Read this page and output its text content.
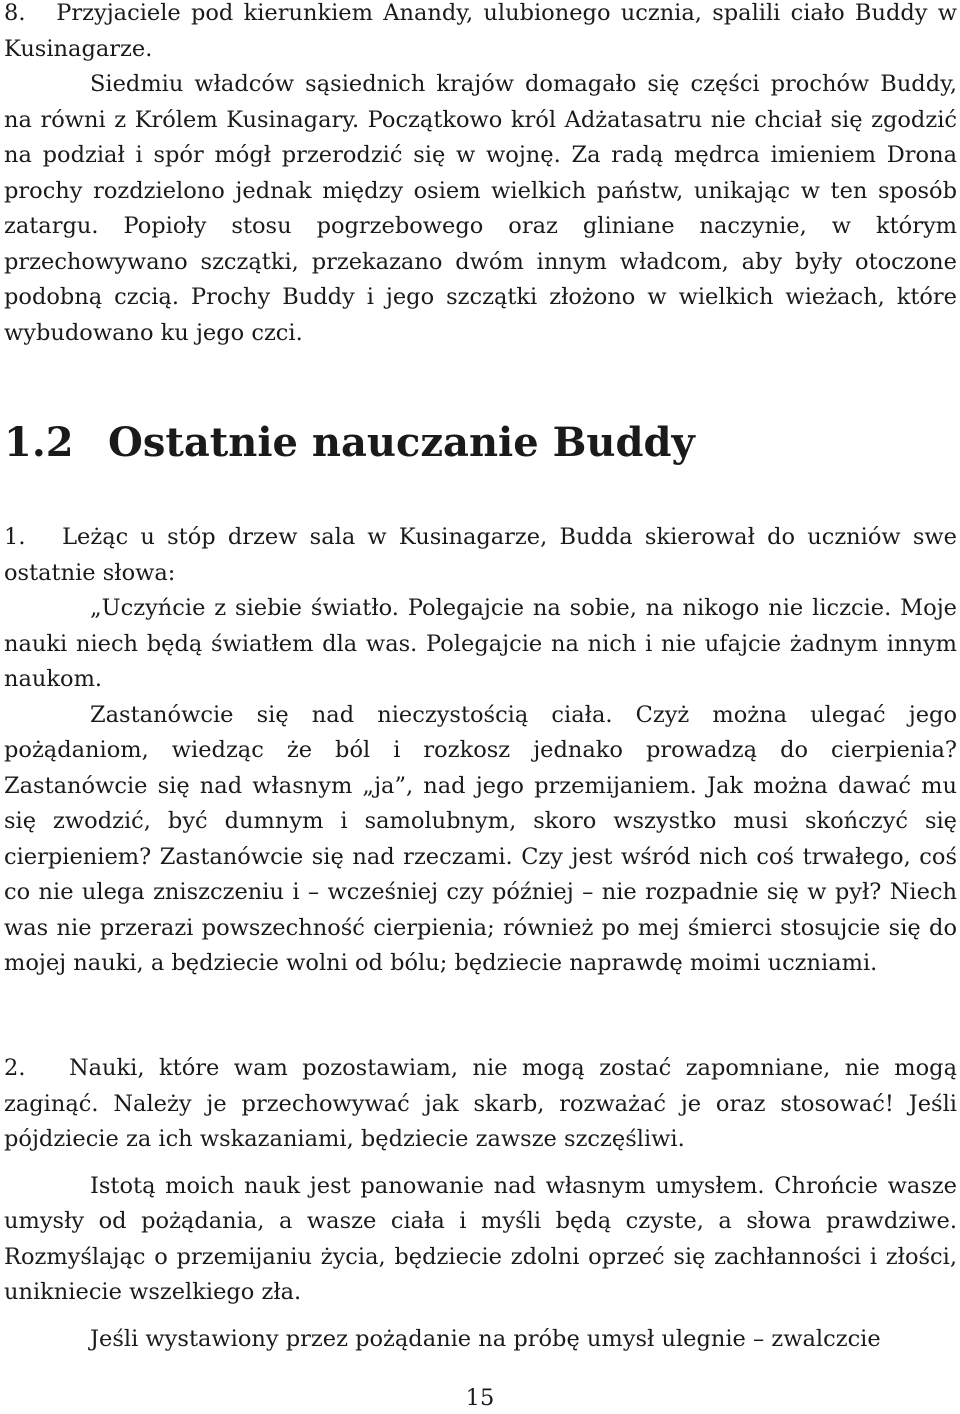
8. Przyjaciele pod kierunkiem Anandy, ulubionego ucznia, spalili ciało Buddy w Kusinagarze.

Siedmiu władców sąsiednich krajów domagało się części prochów Buddy, na równi z Królem Kusinagary. Początkowo król Adżatasatru nie chciał się zgodzić na podział i spór mógł przerodzić się w wojnę. Za radą mędrca imieniem Drona prochy rozdzielono jednak między osiem wielkich państw, unikając w ten sposób zatargu. Popioły stosu pogrzebowego oraz gliniane naczynie, w którym przechowywano szczątki, przekazano dwóm innym władcom, aby były otoczone podobną czcią. Prochy Buddy i jego szczątki złożono w wielkich wieżach, które wybudowano ku jego czci.

1.2 Ostatnie nauczanie Buddy

1. Leżąc u stóp drzew sala w Kusinagarze, Budda skierował do uczniów swe ostatnie słowa:

„Uczyńcie z siebie światło. Polegajcie na sobie, na nikogo nie liczcie. Moje nauki niech będą światłem dla was. Polegajcie na nich i nie ufajcie żadnym innym naukom.

Zastanówcie się nad nieczystością ciała. Czyż można ulegać jego pożądaniom, wiedząc że ból i rozkosz jednako prowadzą do cierpienia? Zastanówcie się nad własnym „ja”, nad jego przemijaniem. Jak można dawać mu się zwodzić, być dumnym i samolubnym, skoro wszystko musi skończyć się cierpieniem? Zastanówcie się nad rzeczami. Czy jest wśród nich coś trwałego, coś co nie ulega zniszczeniu i – wcześniej czy później – nie rozpadnie się w pył? Niech was nie przerazi powszechność cierpienia; również po mej śmierci stosujcie się do mojej nauki, a będziecie wolni od bólu; będziecie naprawdę moimi uczniami.

2. Nauki, które wam pozostawiam, nie mogą zostać zapomniane, nie mogą zaginąć. Należy je przechowywać jak skarb, rozważać je oraz stosować! Jeśli pójdziecie za ich wskazaniami, będziecie zawsze szczęśliwi.

Istotą moich nauk jest panowanie nad własnym umysłem. Chrońcie wasze umysły od pożądania, a wasze ciała i myśli będą czyste, a słowa prawdziwe. Rozmyślając o przemijaniu życia, będziecie zdolni oprzeć się zachłanności i złości, unikniecie wszelkiego zła.

Jeśli wystawiony przez pożądanie na próbę umysł ulegnie – zwalczcie

15
